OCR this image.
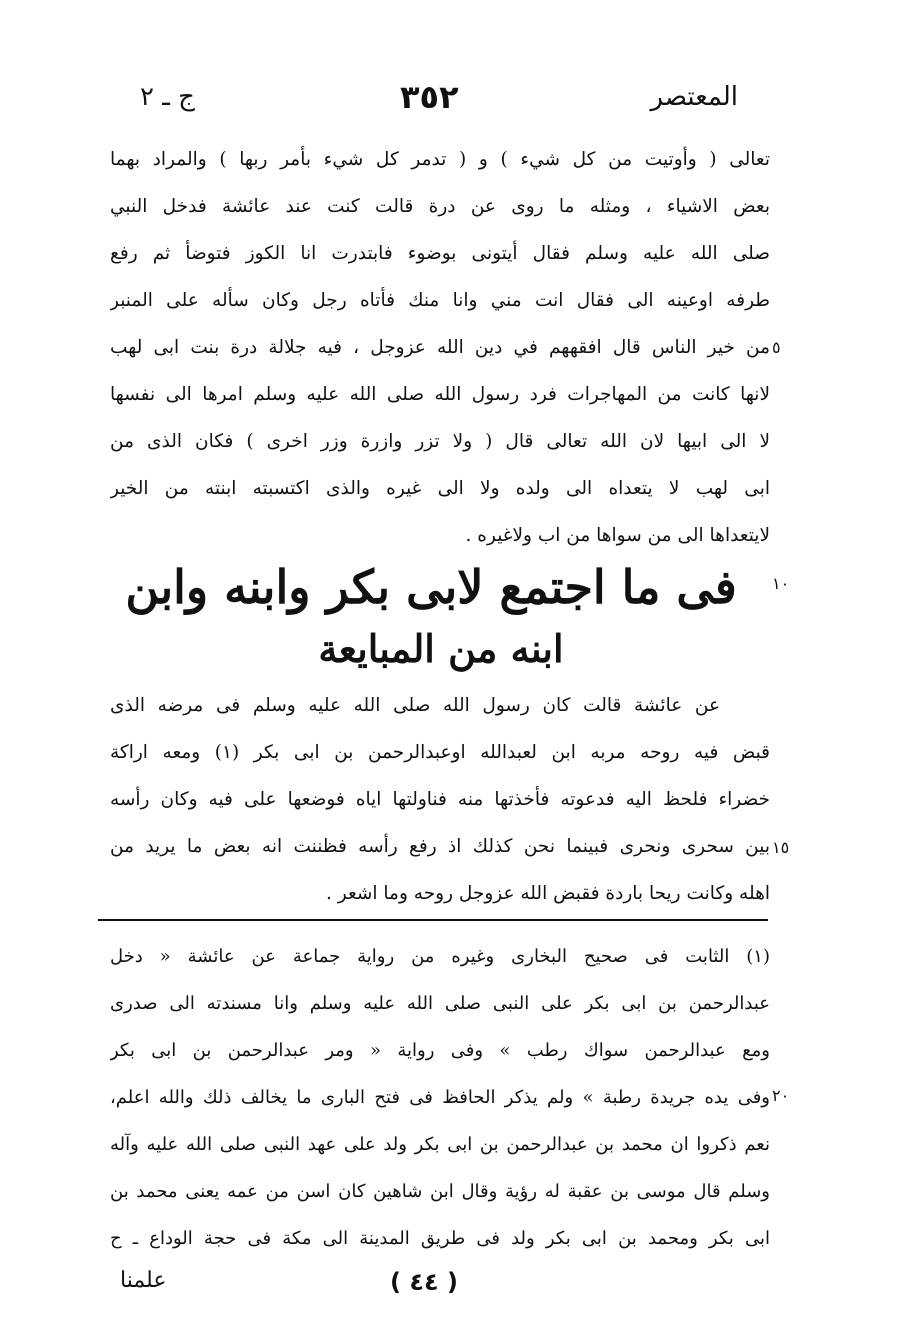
المعتصر
٣٥٢
ج ـ ٢
تعالى ( وأوتيت من كل شيء ) و ( تدمر كل شيء بأمر ربها ) والمراد بهما
بعض الاشياء ، ومثله ما روى عن درة قالت كنت عند عائشة فدخل النبي
صلى الله عليه وسلم فقال أيتونى بوضوء فابتدرت انا الكوز فتوضأ ثم رفع
طرفه اوعينه الى فقال انت مني وانا منك فأتاه رجل وكان سأله على المنبر
من خير الناس قال افقههم في دين الله عزوجل ، فيه جلالة درة بنت ابى لهب
لانها كانت من المهاجرات فرد رسول الله صلى الله عليه وسلم امرها الى نفسها
لا الى ابيها لان الله تعالى قال ( ولا تزر وازرة وزر اخرى ) فكان الذى من
ابى لهب لا يتعداه الى ولده ولا الى غيره والذى اكتسبته ابنته من الخير
لايتعداها الى من سواها من اب ولاغيره .
٥
١٠
١٥
٢٠
فى ما اجتمع لابى بكر وابنه وابن
ابنه من المبايعة
عن عائشة قالت كان رسول الله صلى الله عليه وسلم فى مرضه الذى
قبض فيه روحه مربه ابن لعبدالله اوعبدالرحمن بن ابى بكر (١) ومعه اراكة
خضراء فلحظ اليه فدعوته فأخذتها منه فناولتها اياه فوضعها على فيه وكان رأسه
بين سحرى ونحرى فبينما نحن كذلك اذ رفع رأسه فظننت انه بعض ما يريد من
اهله وكانت ريحا باردة فقبض الله عزوجل روحه وما اشعر .
(١) الثابت فى صحيح البخارى وغيره من رواية جماعة عن عائشة « دخل
عبدالرحمن بن ابى بكر على النبى صلى الله عليه وسلم وانا مسندته الى صدرى
ومع عبدالرحمن سواك رطب » وفى رواية « ومر عبدالرحمن بن ابى بكر
وفى يده جريدة رطبة » ولم يذكر الحافظ فى فتح البارى ما يخالف ذلك والله اعلم،
نعم ذكروا ان محمد بن عبدالرحمن بن ابى بكر ولد على عهد النبى صلى الله عليه وآله
وسلم قال موسى بن عقبة له رؤية وقال ابن شاهين كان اسن من عمه يعنى محمد بن
ابى بكر ومحمد بن ابى بكر ولد فى طريق المدينة الى مكة فى حجة الوداع ـ ح
( ٤٤ )
علمنا
